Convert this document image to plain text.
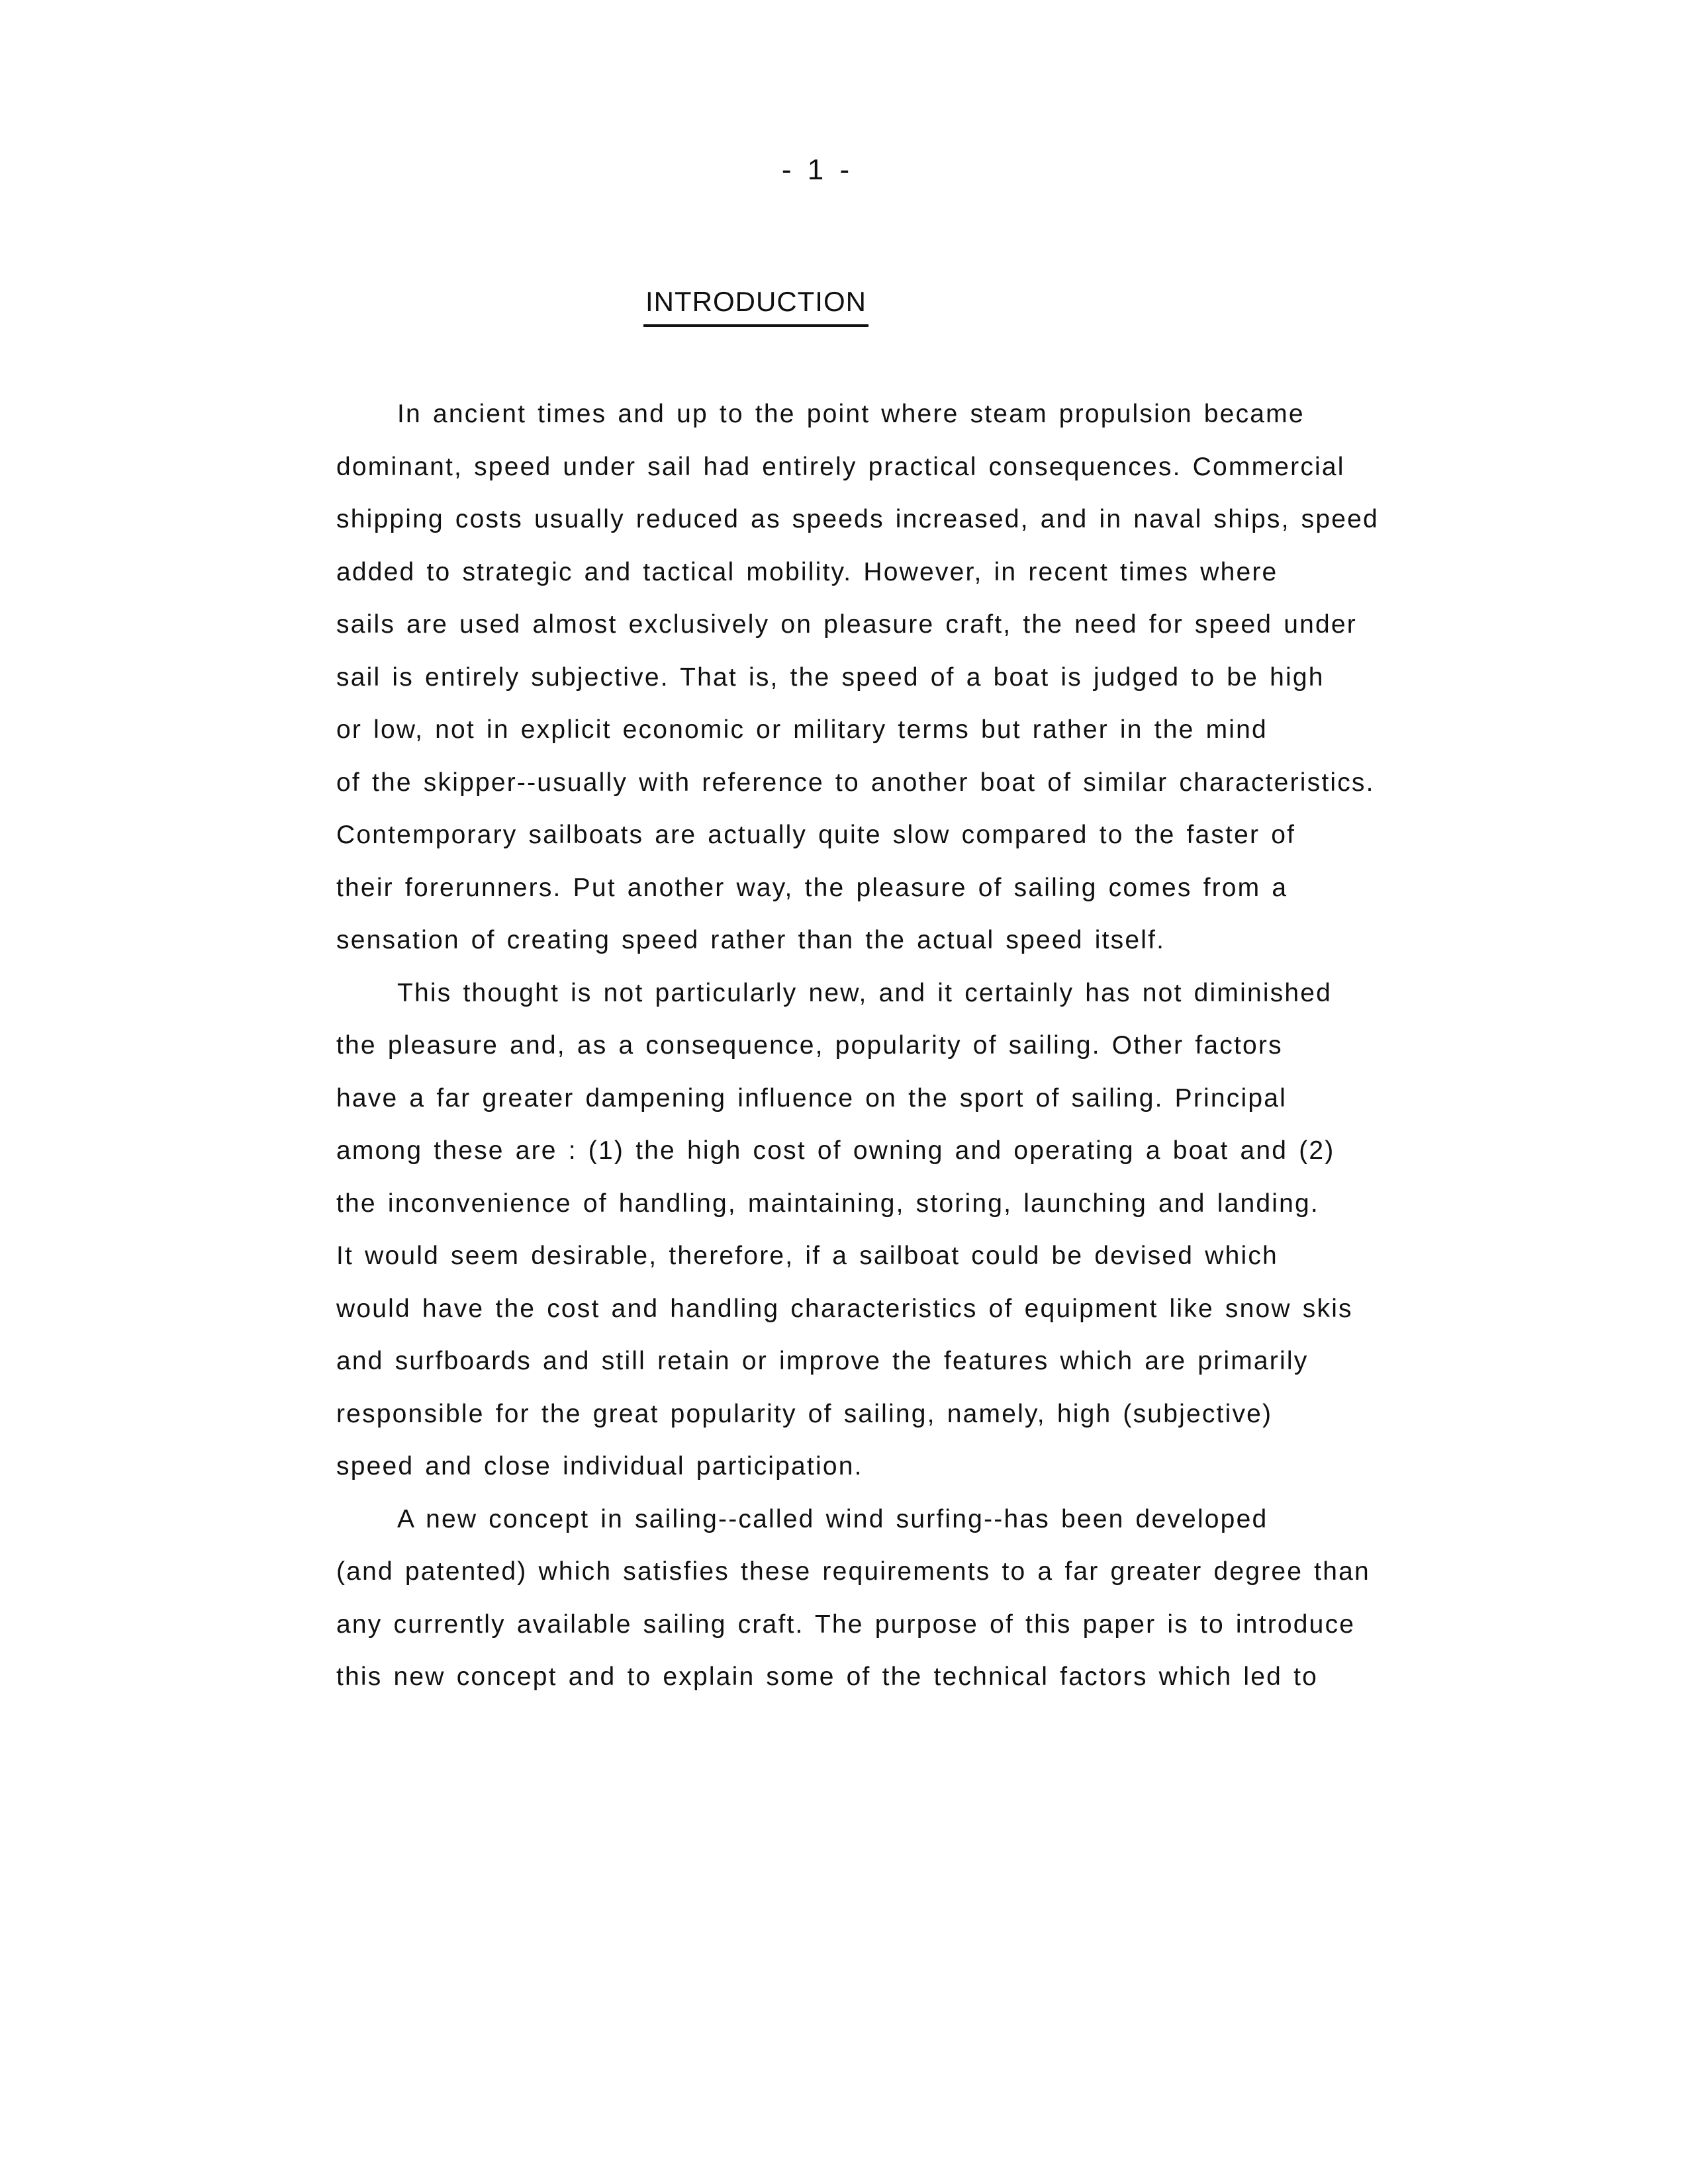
- 1 -
INTRODUCTION
In ancient times and up to the point where steam propulsion became
dominant, speed under sail had entirely practical consequences. Commercial
shipping costs usually reduced as speeds increased, and in naval ships, speed
added to strategic and tactical mobility. However, in recent times where
sails are used almost exclusively on pleasure craft, the need for speed under
sail is entirely subjective. That is, the speed of a boat is judged to be high
or low, not in explicit economic or military terms but rather in the mind
of the skipper--usually with reference to another boat of similar characteristics.
Contemporary sailboats are actually quite slow compared to the faster of
their forerunners. Put another way, the pleasure of sailing comes from a
sensation of creating speed rather than the actual speed itself.
This thought is not particularly new, and it certainly has not diminished
the pleasure and, as a consequence, popularity of sailing. Other factors
have a far greater dampening influence on the sport of sailing. Principal
among these are : (1) the high cost of owning and operating a boat and (2)
the inconvenience of handling, maintaining, storing, launching and landing.
It would seem desirable, therefore, if a sailboat could be devised which
would have the cost and handling characteristics of equipment like snow skis
and surfboards and still retain or improve the features which are primarily
responsible for the great popularity of sailing, namely, high (subjective)
speed and close individual participation.
A new concept in sailing--called wind surfing--has been developed
(and patented) which satisfies these requirements to a far greater degree than
any currently available sailing craft. The purpose of this paper is to introduce
this new concept and to explain some of the technical factors which led to
